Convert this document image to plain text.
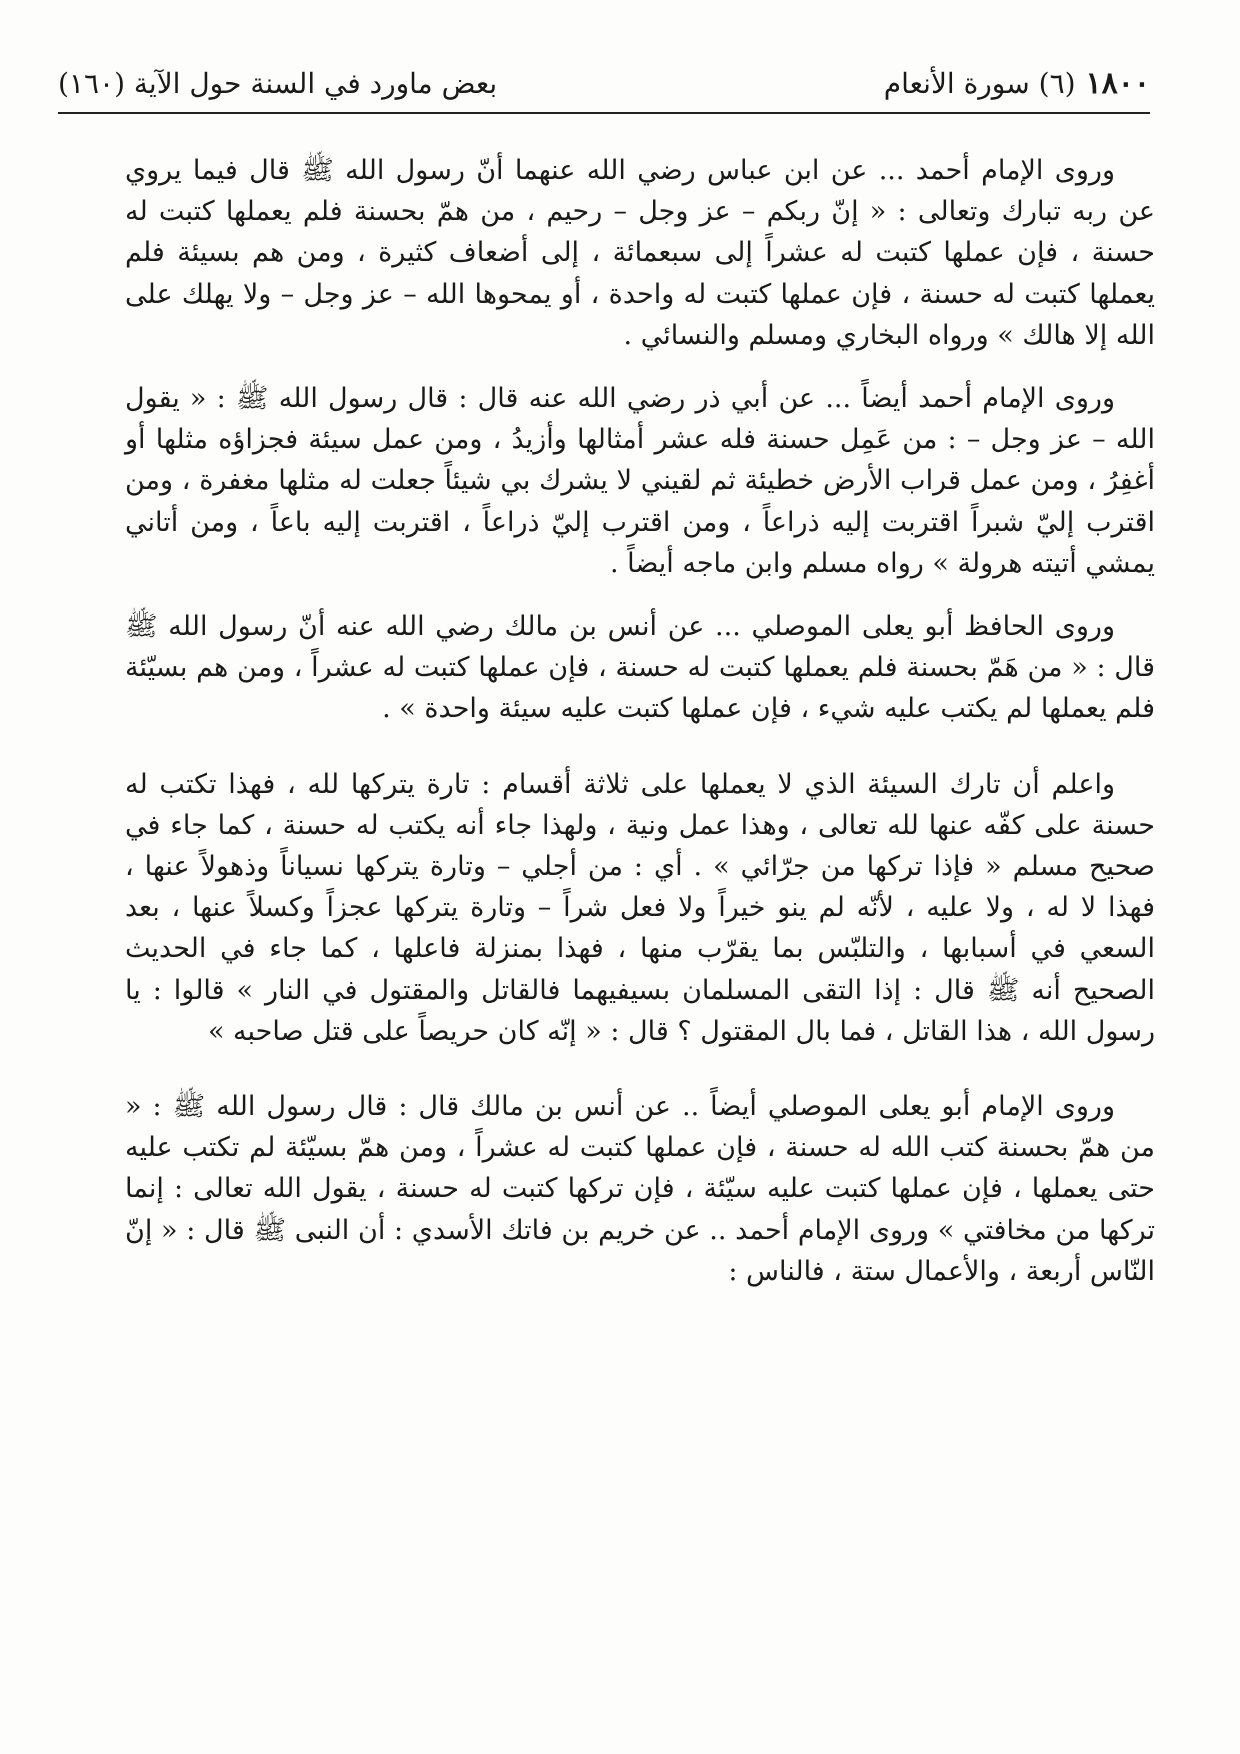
١٨٠٠
(٦) سورة الأنعام
بعض ماورد في السنة حول الآية (١٦٠)

وروى الإمام أحمد ... عن ابن عباس رضي الله عنهما أنّ رسول الله ﷺ قال فيما يروي عن ربه تبارك وتعالى : « إنّ ربكم – عز وجل – رحيم ، من همّ بحسنة فلم يعملها كتبت له حسنة ، فإن عملها كتبت له عشراً إلى سبعمائة ، إلى أضعاف كثيرة ، ومن هم بسيئة فلم يعملها كتبت له حسنة ، فإن عملها كتبت له واحدة ، أو يمحوها الله – عز وجل – ولا يهلك على الله إلا هالك » ورواه البخاري ومسلم والنسائي .

وروى الإمام أحمد أيضاً ... عن أبي ذر رضي الله عنه قال : قال رسول الله ﷺ : « يقول الله – عز وجل – : من عَمِل حسنة فله عشر أمثالها وأزيدُ ، ومن عمل سيئة فجزاؤه مثلها أو أغفِرُ ، ومن عمل قراب الأرض خطيئة ثم لقيني لا يشرك بي شيئاً جعلت له مثلها مغفرة ، ومن اقترب إليّ شبراً اقتربت إليه ذراعاً ، ومن اقترب إليّ ذراعاً ، اقتربت إليه باعاً ، ومن أتاني يمشي أتيته هرولة » رواه مسلم وابن ماجه أيضاً .

وروى الحافظ أبو يعلى الموصلي ... عن أنس بن مالك رضي الله عنه أنّ رسول الله ﷺ قال : « من هَمّ بحسنة فلم يعملها كتبت له حسنة ، فإن عملها كتبت له عشراً ، ومن هم بسيّئة فلم يعملها لم يكتب عليه شيء ، فإن عملها كتبت عليه سيئة واحدة » .

واعلم أن تارك السيئة الذي لا يعملها على ثلاثة أقسام : تارة يتركها لله ، فهذا تكتب له حسنة على كفّه عنها لله تعالى ، وهذا عمل ونية ، ولهذا جاء أنه يكتب له حسنة ، كما جاء في صحيح مسلم « فإذا تركها من جرّائي » . أي : من أجلي – وتارة يتركها نسياناً وذهولاً عنها ، فهذا لا له ، ولا عليه ، لأنّه لم ينو خيراً ولا فعل شراً – وتارة يتركها عجزاً وكسلاً عنها ، بعد السعي في أسبابها ، والتلبّس بما يقرّب منها ، فهذا بمنزلة فاعلها ، كما جاء في الحديث الصحيح أنه ﷺ قال : إذا التقى المسلمان بسيفيهما فالقاتل والمقتول في النار » قالوا : يا رسول الله ، هذا القاتل ، فما بال المقتول ؟ قال : « إنّه كان حريصاً على قتل صاحبه »

وروى الإمام أبو يعلى الموصلي أيضاً .. عن أنس بن مالك قال : قال رسول الله ﷺ : « من همّ بحسنة كتب الله له حسنة ، فإن عملها كتبت له عشراً ، ومن همّ بسيّئة لم تكتب عليه حتى يعملها ، فإن عملها كتبت عليه سيّئة ، فإن تركها كتبت له حسنة ، يقول الله تعالى : إنما تركها من مخافتي » وروى الإمام أحمد .. عن خريم بن فاتك الأسدي : أن النبى ﷺ قال : « إنّ النّاس أربعة ، والأعمال ستة ، فالناس :
